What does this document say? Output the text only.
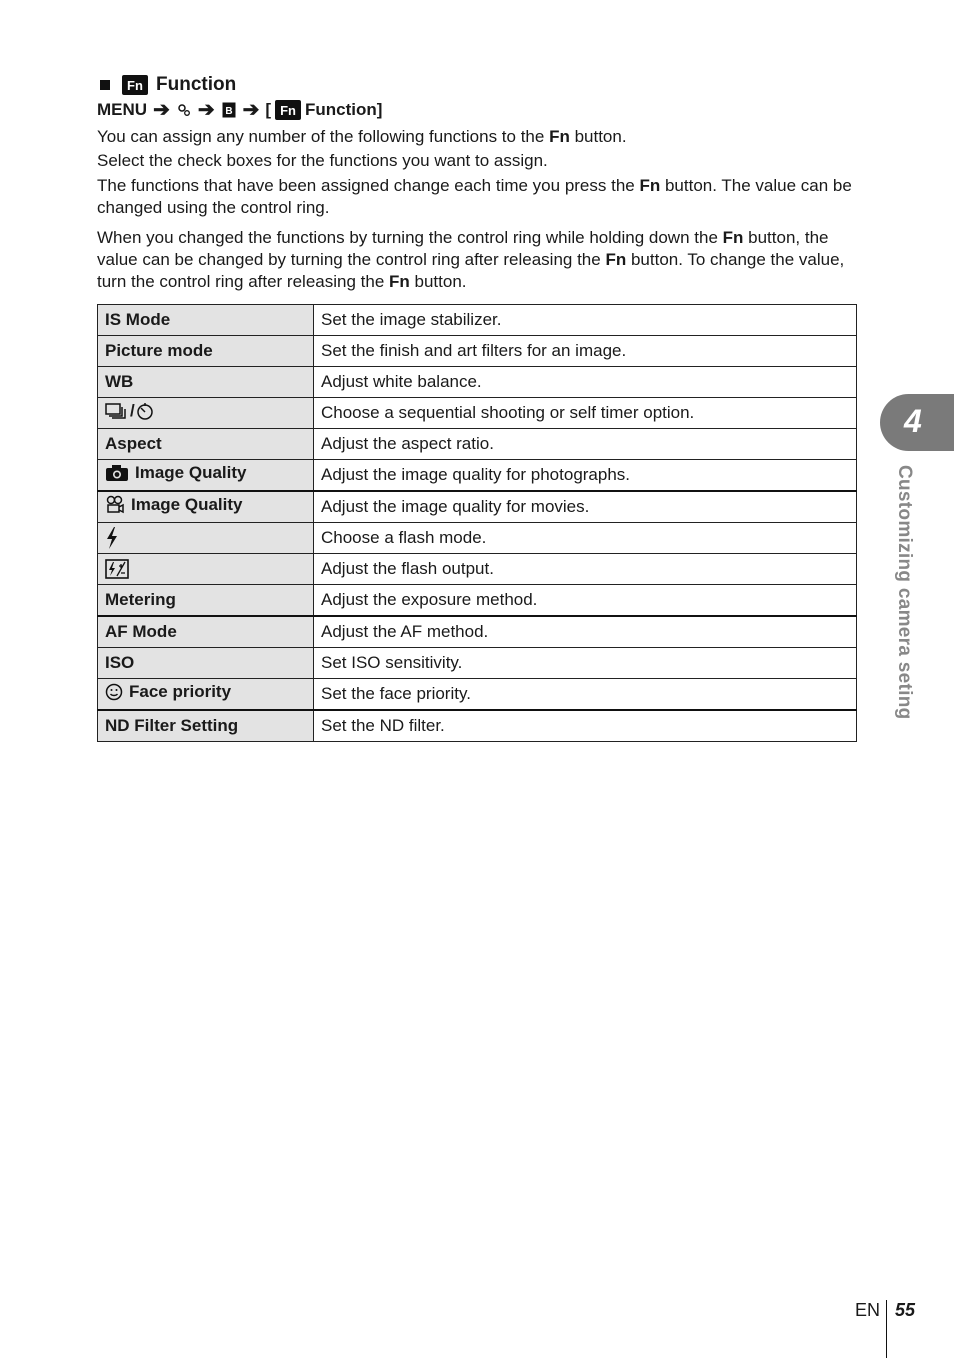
Fn Function
MENU ➔ ➔ B ➔ [ Fn Function]
You can assign any number of the following functions to the Fn button.
Select the check boxes for the functions you want to assign.
The functions that have been assigned change each time you press the Fn button. The value can be changed using the control ring.
When you changed the functions by turning the control ring while holding down the Fn button, the value can be changed by turning the control ring after releasing the Fn button. To change the value, turn the control ring after releasing the Fn button.
IS Mode	Set the image stabilizer.
Picture mode	Set the finish and art filters for an image.
WB	Adjust white balance.

/	Choose a sequential shooting or self timer option.
Aspect	Adjust the aspect ratio.

Image Quality	Adjust the image quality for photographs.

Image Quality	Adjust the image quality for movies.

	Choose a flash mode.

	Adjust the flash output.
Metering	Adjust the exposure method.
AF Mode	Adjust the AF method.
ISO	Set ISO sensitivity.

Face priority	Set the face priority.
ND Filter Setting	Set the ND filter.
4
Customizing camera seting
EN 55
